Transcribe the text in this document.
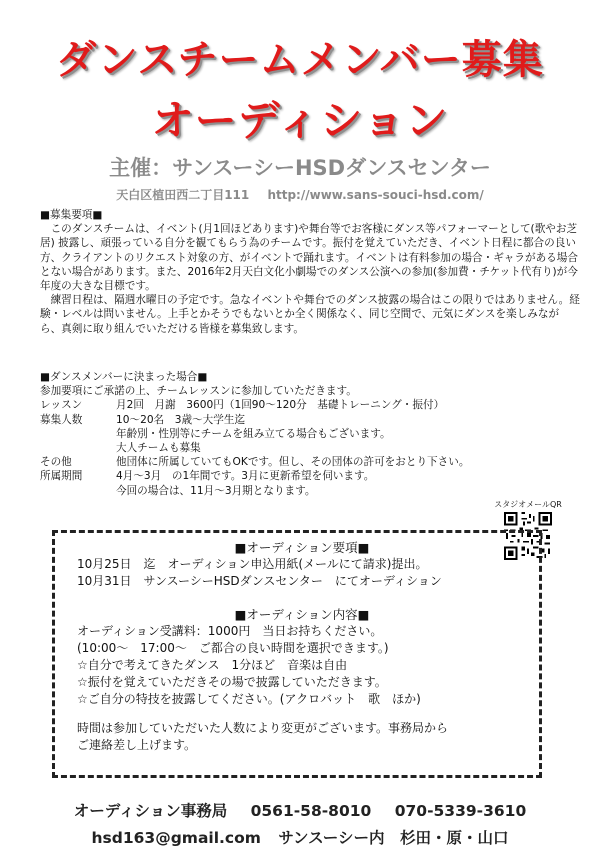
ダンスチームメンバー募集
オーディション
主催：サンスーシーHSDダンスセンター
天白区植田西二丁目111 http://www.sans-souci-hsd.com/

■募集要項■

このダンスチームは、イベント(月1回ほどあります)や舞台等でお客様にダンス等パフォーマーとして(歌やお芝居) 披露し、頑張っている自分を観てもらう為のチームです。振付を覚えていただき、イベント日程に都合の良い方、クライアントのリクエスト対象の方、がイベントで踊れます。イベントは有料参加の場合・ギャラがある場合とない場合があります。また、2016年2月天白文化小劇場でのダンス公演への参加(参加費・チケット代有り)が今年度の大きな目標です。

練習日程は、隔週水曜日の予定です。急なイベントや舞台でのダンス披露の場合はこの限りではありません。経験・レベルは問いません。上手とかそうでもないとか全く関係なく、同じ空間で、元気にダンスを楽しみながら、真剣に取り組んでいただける皆様を募集致します。

■ダンスメンバーに決まった場合■

参加要項にご承諾の上、チームレッスンに参加していただきます。

レッスン	月2回　月謝　3600円（1回90～120分　基礎トレーニング・振付）
募集人数	10～20名　3歳～大学生迄
年齢別・性別等にチームを組み立てる場合もございます。
大人チームも募集
その他	他団体に所属していてもOKです。但し、その団体の許可をおとり下さい。
所属期間	4月～3月　の1年間です。3月に更新希望を伺います。
今回の場合は、11月～3月期となります。
スタジオメールQR

■オーディション要項■

10月25日　迄　オーディション申込用紙(メールにて請求)提出。

10月31日　サンスーシーHSDダンスセンター　にてオーディション

■オーディション内容■

オーディション受講料：1000円　当日お持ちください。

(10:00～　17:00～　ご都合の良い時間を選択できます。)

☆自分で考えてきたダンス　1分ほど　音楽は自由

☆振付を覚えていただきその場で披露していただきます。

☆ご自分の特技を披露してください。(アクロバット　歌　ほか)

時間は参加していただいた人数により変更がございます。事務局から

ご連絡差し上げます。

オーディション事務局 0561-58-8010 070-5339-3610
hsd163@gmail.com サンスーシー内　杉田・原・山口
